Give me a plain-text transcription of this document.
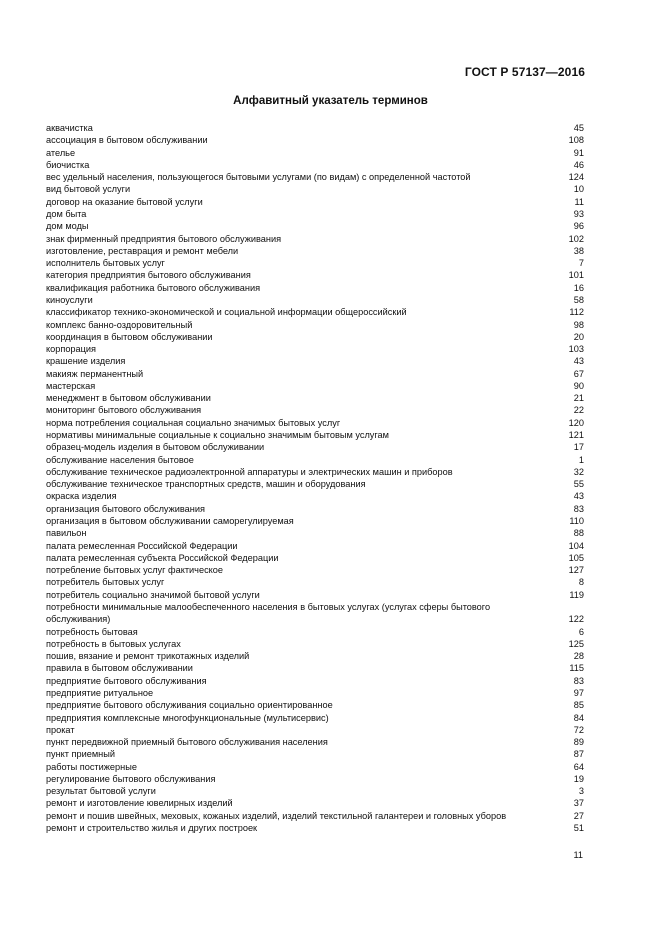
ГОСТ Р 57137—2016
Алфавитный указатель терминов
аквачистка	45
ассоциация в бытовом обслуживании	108
ателье	91
биочистка	46
вес удельный населения, пользующегося бытовыми услугами (по видам) с определенной частотой	124
вид бытовой услуги	10
договор на оказание бытовой услуги	11
дом быта	93
дом моды	96
знак фирменный предприятия бытового обслуживания	102
изготовление, реставрация и ремонт мебели	38
исполнитель бытовых услуг	7
категория предприятия бытового обслуживания	101
квалификация работника бытового обслуживания	16
киноуслуги	58
классификатор технико-экономической и социальной информации общероссийский	112
комплекс банно-оздоровительный	98
координация в бытовом обслуживании	20
корпорация	103
крашение изделия	43
макияж перманентный	67
мастерская	90
менеджмент в бытовом обслуживании	21
мониторинг бытового обслуживания	22
норма потребления социальная социально значимых бытовых услуг	120
нормативы минимальные социальные к социально значимым бытовым услугам	121
образец-модель изделия в бытовом обслуживании	17
обслуживание населения бытовое	1
обслуживание техническое радиоэлектронной аппаратуры и электрических машин и приборов	32
обслуживание техническое транспортных средств, машин и оборудования	55
окраска изделия	43
организация бытового обслуживания	83
организация в бытовом обслуживании саморегулируемая	110
павильон	88
палата ремесленная Российской Федерации	104
палата ремесленная субъекта Российской Федерации	105
потребление бытовых услуг фактическое	127
потребитель бытовых услуг	8
потребитель социально значимой бытовой услуги	119
потребности минимальные малообеспеченного населения в бытовых услугах (услугах сферы бытового обслуживания)	122
потребность бытовая	6
потребность в бытовых услугах	125
пошив, вязание и ремонт трикотажных изделий	28
правила в бытовом обслуживании	115
предприятие бытового обслуживания	83
предприятие ритуальное	97
предприятие бытового обслуживания социально ориентированное	85
предприятия комплексные многофункциональные (мультисервис)	84
прокат	72
пункт передвижной приемный бытового обслуживания населения	89
пункт приемный	87
работы постижерные	64
регулирование бытового обслуживания	19
результат бытовой услуги	3
ремонт и изготовление ювелирных изделий	37
ремонт и пошив швейных, меховых, кожаных изделий, изделий текстильной галантереи и головных уборов	27
ремонт и строительство жилья и других построек	51
11
